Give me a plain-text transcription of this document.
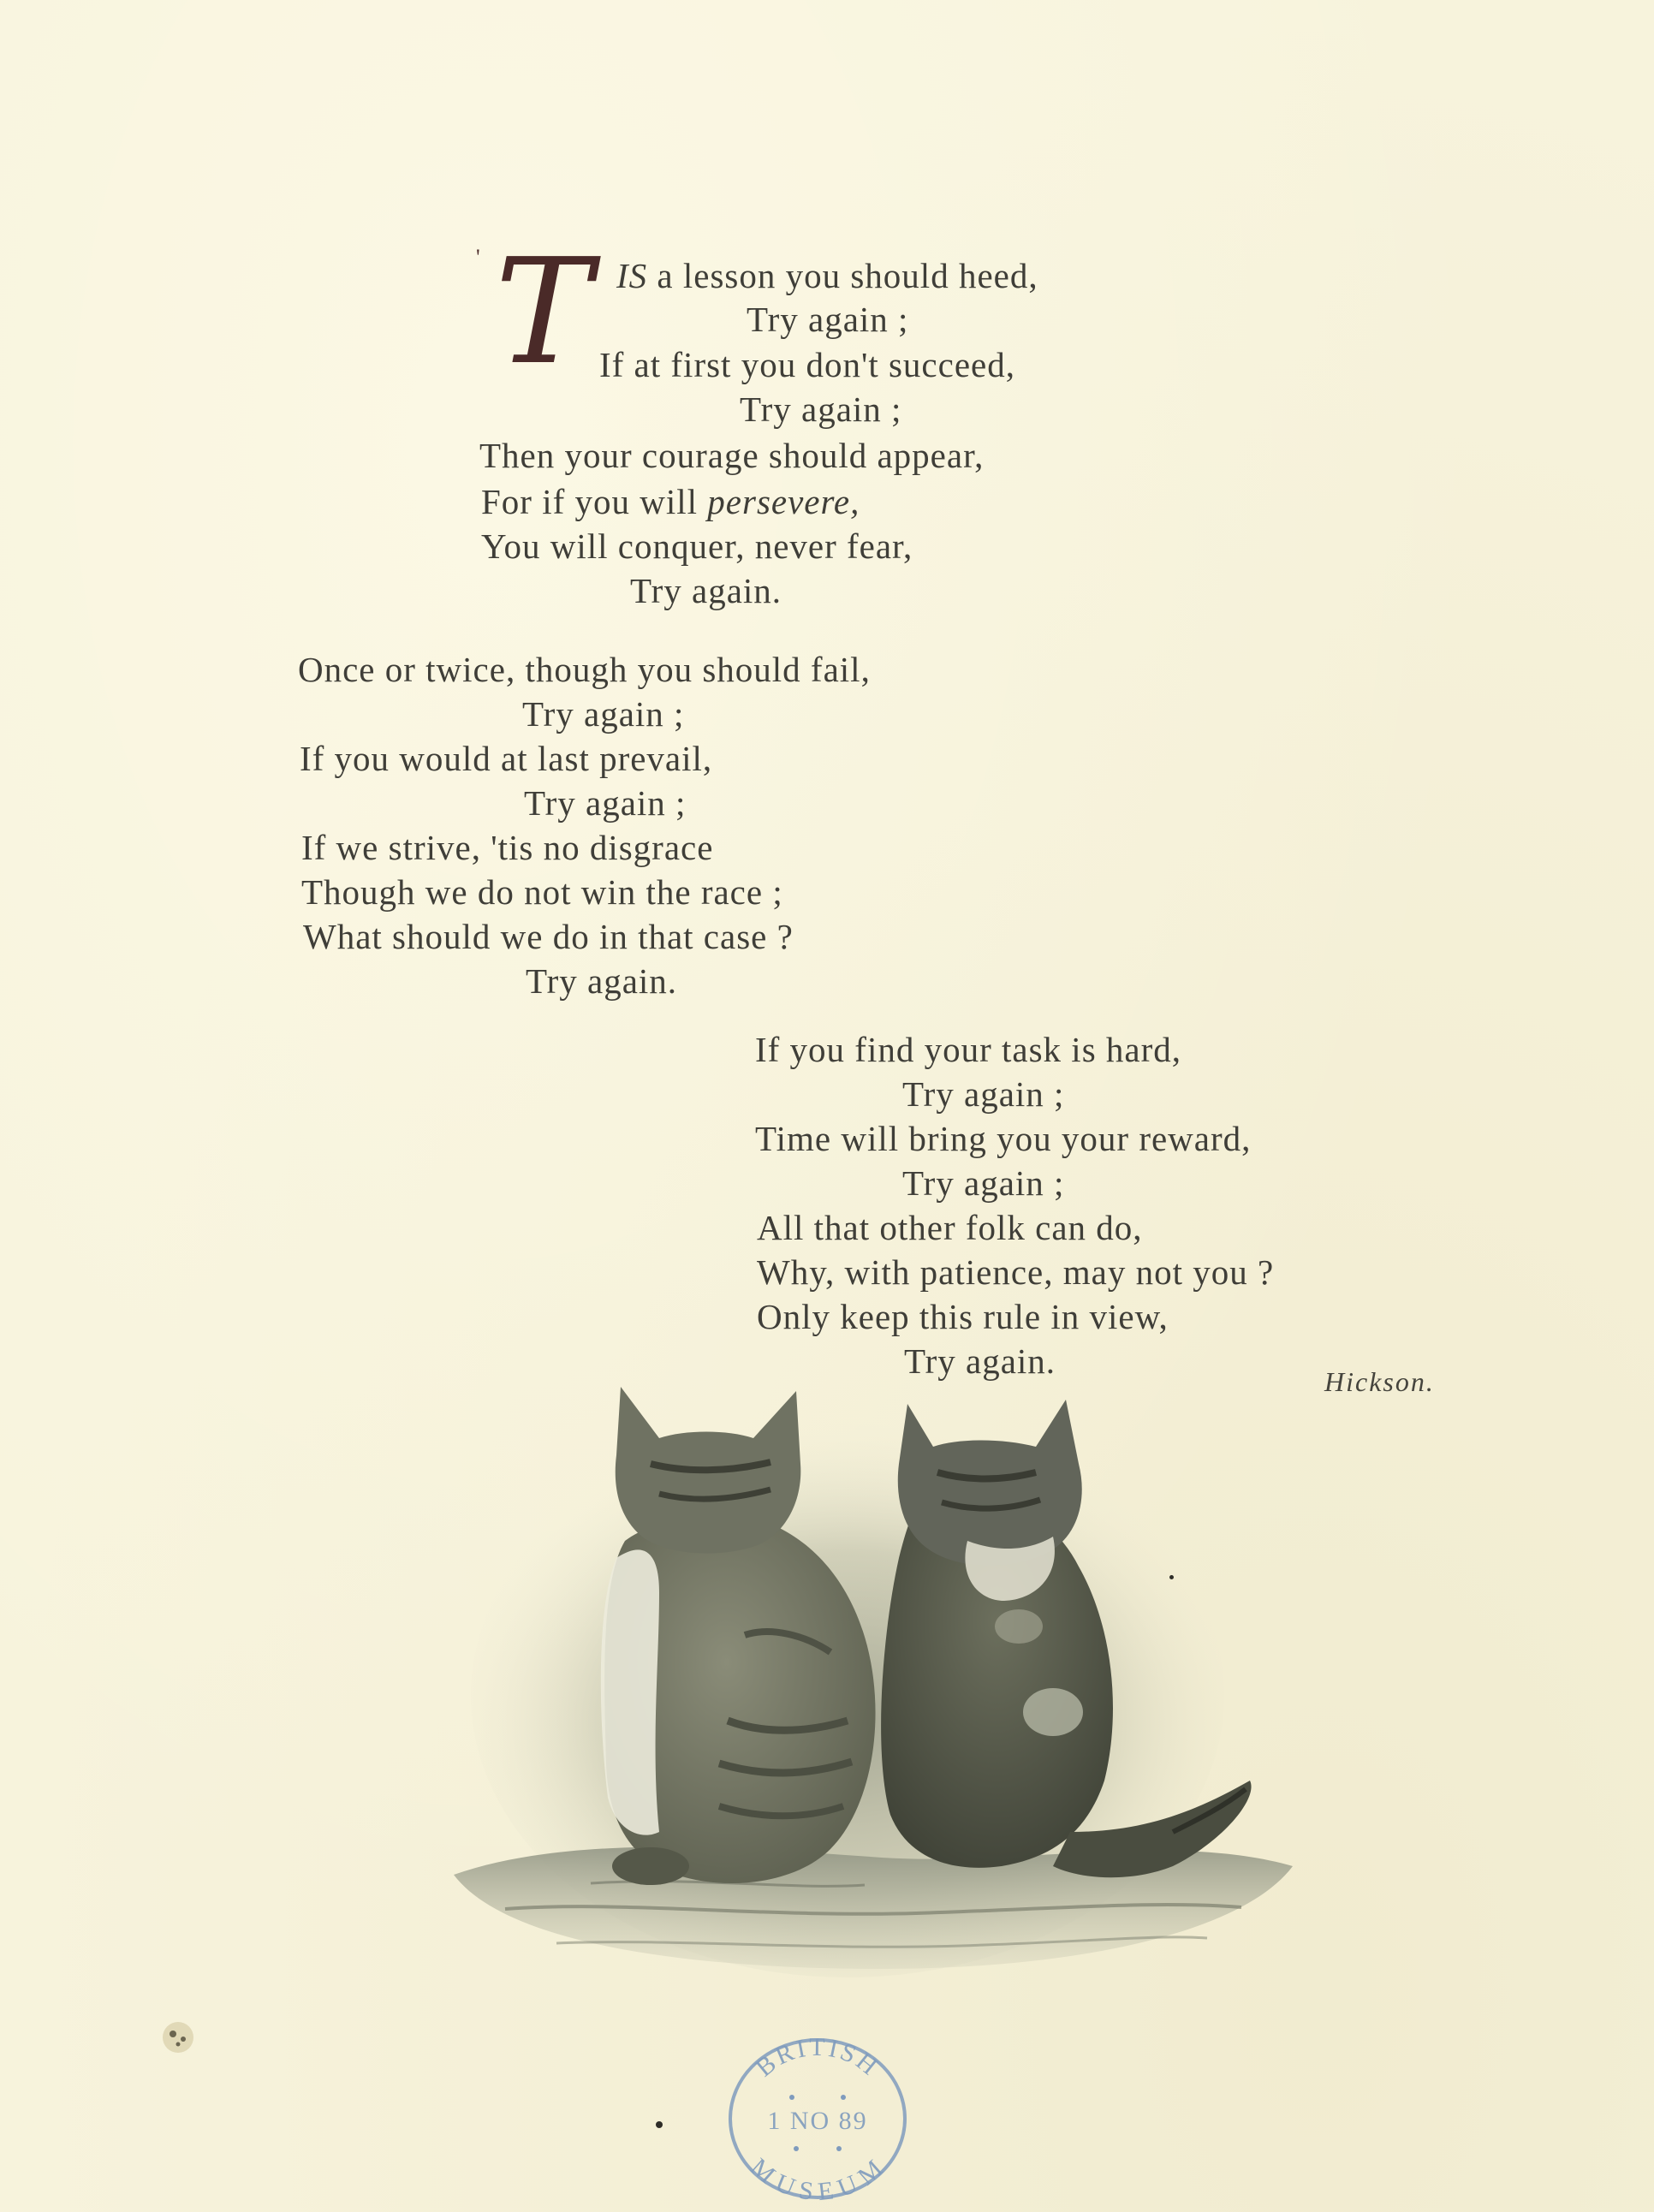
' T IS a lesson you should heed,
Try again ;
If at first you don't succeed,
Try again ;
Then your courage should appear,
For if you will persevere,
You will conquer, never fear,
Try again.
Once or twice, though you should fail,
Try again ;
If you would at last prevail,
Try again ;
If we strive, 'tis no disgrace
Though we do not win the race ;
What should we do in that case ?
Try again.
If you find your task is hard,
Try again ;
Time will bring you your reward,
Try again ;
All that other folk can do,
Why, with patience, may not you ?
Only keep this rule in view,
Try again.
Hickson.
BRITISH
1 NO 89
MUSEUM
